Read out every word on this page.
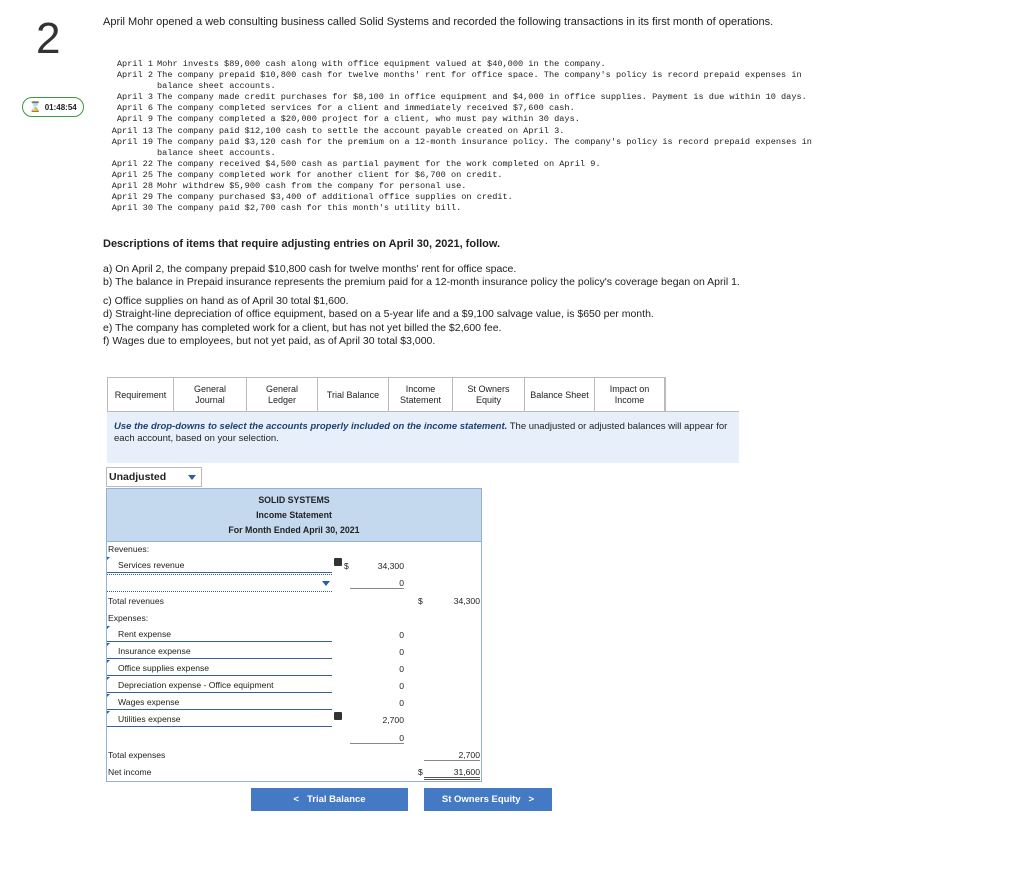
2
⌛ 01:48:54
April Mohr opened a web consulting business called Solid Systems and recorded the following transactions in its first month of operations.
April 1 Mohr invests $89,000 cash along with office equipment valued at $40,000 in the company.
April 2 The company prepaid $10,800 cash for twelve months' rent for office space. The company's policy is record prepaid expenses in balance sheet accounts.
April 3 The company made credit purchases for $8,100 in office equipment and $4,000 in office supplies. Payment is due within 10 days.
April 6 The company completed services for a client and immediately received $7,600 cash.
April 9 The company completed a $20,000 project for a client, who must pay within 30 days.
April 13 The company paid $12,100 cash to settle the account payable created on April 3.
April 19 The company paid $3,120 cash for the premium on a 12-month insurance policy. The company's policy is record prepaid expenses in balance sheet accounts.
April 22 The company received $4,500 cash as partial payment for the work completed on April 9.
April 25 The company completed work for another client for $6,700 on credit.
April 28 Mohr withdrew $5,900 cash from the company for personal use.
April 29 The company purchased $3,400 of additional office supplies on credit.
April 30 The company paid $2,700 cash for this month's utility bill.
Descriptions of items that require adjusting entries on April 30, 2021, follow.
a) On April 2, the company prepaid $10,800 cash for twelve months' rent for office space.
b) The balance in Prepaid insurance represents the premium paid for a 12-month insurance policy the policy's coverage began on April 1.
c) Office supplies on hand as of April 30 total $1,600.
d) Straight-line depreciation of office equipment, based on a 5-year life and a $9,100 salvage value, is $650 per month.
e) The company has completed work for a client, but has not yet billed the $2,600 fee.
f) Wages due to employees, but not yet paid, as of April 30 total $3,000.
Requirement
General Journal
General Ledger
Trial Balance
Income Statement
St Owners Equity
Balance Sheet
Impact on Income
Use the drop-downs to select the accounts properly included on the income statement. The unadjusted or adjusted balances will appear for each account, based on your selection.
Unadjusted
SOLID SYSTEMS
Income Statement
For Month Ended April 30, 2021
Revenues:
Services revenue	$	34,300
0
Total revenues	$	34,300
Expenses:
Rent expense	0
Insurance expense	0
Office supplies expense	0
Depreciation expense - Office equipment	0
Wages expense	0
Utilities expense	2,700
0
Total expenses	2,700
Net income	$	31,600
< Trial Balance	St Owners Equity >
